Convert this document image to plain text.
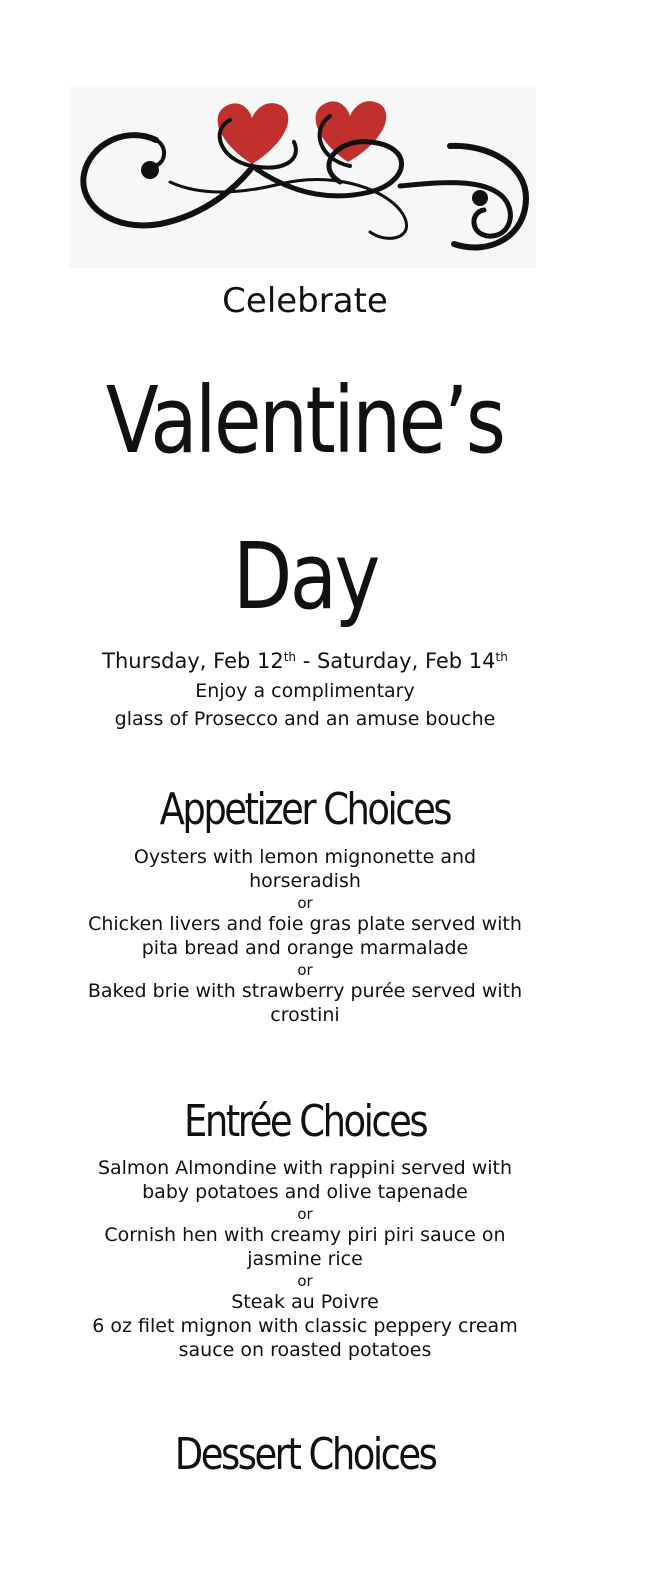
Celebrate
Valentine’s
Day
Thursday, Feb 12th - Saturday, Feb 14th
Enjoy a complimentary
glass of Prosecco and an amuse bouche
Appetizer Choices
Oysters with lemon mignonette and
horseradish
or
Chicken livers and foie gras plate served with
pita bread and orange marmalade
or
Baked brie with strawberry purée served with
crostini
Entrée Choices
Salmon Almondine with rappini served with
baby potatoes and olive tapenade
or
Cornish hen with creamy piri piri sauce on
jasmine rice
or
Steak au Poivre
6 oz filet mignon with classic peppery cream
sauce on roasted potatoes
Dessert Choices
